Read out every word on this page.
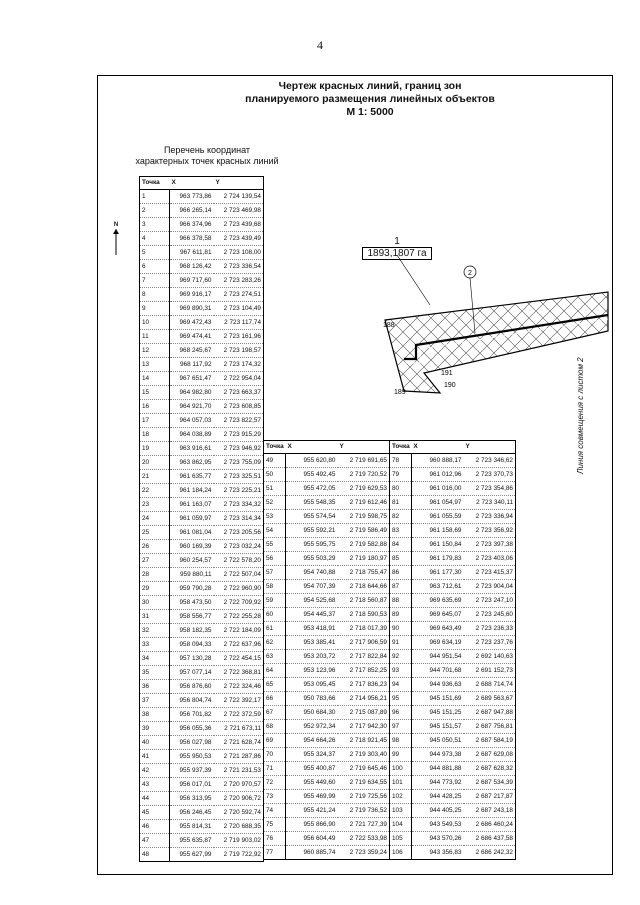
4
Чертеж красных линий, границ зон
планируемого размещения линейных объектов
М 1: 5000
Перечень координат
характерных точек красных линий
N
Линия совмещения с листом 2
1
1893,1807 га
2
188
189
190
191
Точка	X	Y
1	963 773,86	2 724 139,54
2	966 265,14	2 723 469,98
3	966 374,96	2 723 439,68
4	966 378,58	2 723 439,49
5	967 611,81	2 723 108,00
6	968 126,42	2 723 336,54
7	969 717,60	2 723 283,26
8	969 916,17	2 723 274,51
9	969 890,31	2 723 104,49
10	969 472,43	2 723 117,74
11	969 474,41	2 723 161,96
12	968 245,67	2 723 198,57
13	968 117,92	2 723 174,32
14	967 651,47	2 722 954,04
15	964 982,80	2 723 663,37
16	964 921,70	2 723 608,85
17	964 057,03	2 723 822,57
18	964 038,89	2 723 915,29
19	963 916,61	2 723 946,92
20	963 862,95	2 723 755,09
21	961 635,77	2 723 325,51
22	961 184,24	2 723 225,21
23	961 163,07	2 723 334,32
24	961 059,97	2 723 314,34
25	961 081,04	2 723 205,56
26	960 169,39	2 723 032,24
27	960 254,57	2 722 578,20
28	959 880,11	2 722 507,04
29	959 790,28	2 722 960,90
30	958 473,50	2 722 709,92
31	958 556,77	2 722 255,28
32	958 182,35	2 722 184,09
33	958 094,33	2 722 637,96
34	957 130,28	2 722 454,15
35	957 077,14	2 722 368,81
36	956 876,60	2 722 324,46
37	956 804,74	2 722 392,17
38	956 701,82	2 722 372,59
39	956 055,36	2 721 673,11
40	956 027,98	2 721 628,74
41	955 950,53	2 721 287,86
42	955 937,39	2 721 231,53
43	956 017,01	2 720 970,57
44	956 313,95	2 720 906,72
45	956 246,45	2 720 592,74
46	955 814,31	2 720 688,35
47	955 635,87	2 719 903,02
48	955 627,99	2 719 722,92
Точка	X	Y
49	955 620,80	2 719 691,65
50	955 492,45	2 719 720,52
51	955 472,05	2 719 629,53
52	955 548,35	2 719 612,46
53	955 574,54	2 719 598,75
54	955 592,21	2 719 586,49
55	955 595,75	2 719 582,88
56	955 503,29	2 719 180,97
57	954 740,88	2 718 755,47
58	954 707,39	2 718 644,66
59	954 525,68	2 718 560,87
60	954 445,37	2 718 590,53
61	953 418,91	2 718 017,39
62	953 385,41	2 717 906,59
63	953 203,72	2 717 822,84
64	953 123,96	2 717 852,25
65	953 095,45	2 717 836,23
66	950 783,66	2 714 956,21
67	950 684,30	2 715 087,89
68	952 972,34	2 717 942,30
69	954 664,26	2 718 921,45
70	955 324,37	2 719 303,40
71	955 400,87	2 719 645,46
72	955 449,60	2 719 634,55
73	955 469,99	2 719 725,56
74	955 421,24	2 719 736,52
75	955 866,90	2 721 727,39
76	956 604,49	2 722 533,98
77	960 885,74	2 723 359,24
Точка	X	Y
78	960 888,17	2 723 346,62
79	961 012,96	2 723 370,73
80	961 016,00	2 723 354,86
81	961 054,97	2 723 340,11
82	961 055,59	2 723 336,94
83	961 158,69	2 723 356,92
84	961 150,84	2 723 397,38
85	961 179,83	2 723 403,06
86	961 177,30	2 723 415,37
87	963 712,61	2 723 904,04
88	969 635,69	2 723 247,10
89	969 645,07	2 723 245,60
90	969 643,49	2 723 236,33
91	969 634,19	2 723 237,76
92	944 951,54	2 692 140,63
93	944 701,68	2 691 152,73
94	944 936,63	2 688 714,74
95	945 151,69	2 689 563,67
96	945 151,25	2 687 947,88
97	945 151,57	2 687 756,81
98	945 050,51	2 687 584,19
99	944 973,38	2 687 629,08
100	944 881,88	2 687 628,32
101	944 773,92	2 687 534,39
102	944 428,25	2 687 217,87
103	944 405,25	2 687 243,18
104	943 549,53	2 686 460,24
105	943 570,26	2 686 437,58
106	943 356,83	2 686 242,32
